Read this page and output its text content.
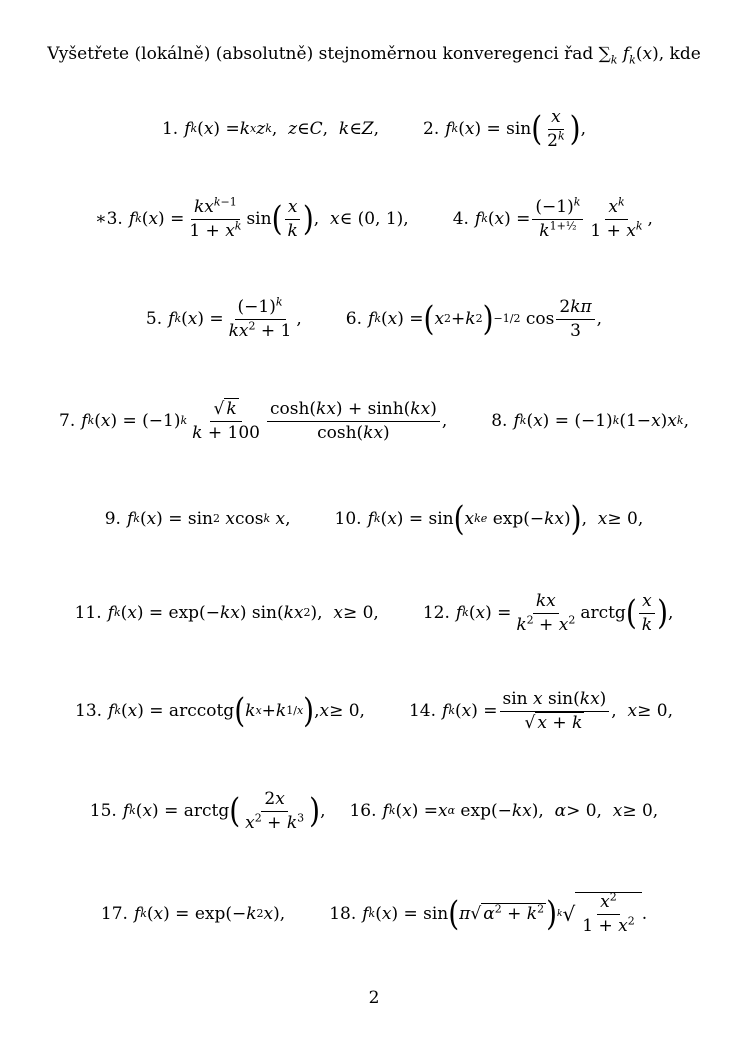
Vyšetřete (lokálně) (absolutně) stejnoměrnou konveregenci řad $\sum_k$ $f_k(x)$, kde
1. f k ( x ) = k x z k , z ∈ C , k ∈ Z ,	2. f k ( x ) = sin ( $\frac{x}{2^k}$ ) ,
∗3. f k ( x ) = $\frac{kx^{k-1}}{1 + x^k}$ sin ( $\frac{x}{k}$ ) , x ∈ (0, 1),	4. f k ( x ) = $\frac{(-1)^k}{k^{1+\frac{1}{2}}} \frac{x^k}{1 + x^k}$ ,
5. f k ( x ) = $\frac{(-1)^k}{kx^2 + 1}$ ,	6. f k ( x ) = ( x 2 + k 2 ) −1/2 $\cos \frac{2k\pi}{3}$ ,
7. f k ( x ) = (−1) k $\frac{√ k}{k + 100} \frac{\cosh(kx) + \sinh(kx)}{\cosh(kx)}$ ,	8. f k ( x ) = (−1) k (1− x ) x k ,
9. f k ( x ) = sin 2
x cos k
x ,	10. f k ( x ) = sin ( x ke exp(− kx ) ) , x ≥ 0,
11. f k ( x ) = exp(− kx ) sin( kx 2 ), x ≥ 0,	12. f k ( x ) = $\frac{kx}{k^2 + x^2}$ arctg ( $\frac{x}{k}$ ) ,
13. f k ( x ) = arccotg ( k x + k 1/x ) , x ≥ 0,	14. f k ( x ) = $\frac{\text{sin x sin(kx)}}{√ x + k}$ , x ≥ 0,
15. f k ( x ) = arctg ( $\frac{2x}{x^2 + k^3}$ ) , 16. f k ( x ) = x α exp(− kx ), α > 0, x ≥ 0,
17. f k ( x ) = exp(− k 2 x ),	18. f k ( x ) = sin ( π √ $\alpha^2 + k^2$ ) k √ $\frac{x^2}{1 + x^2}$ .
2
